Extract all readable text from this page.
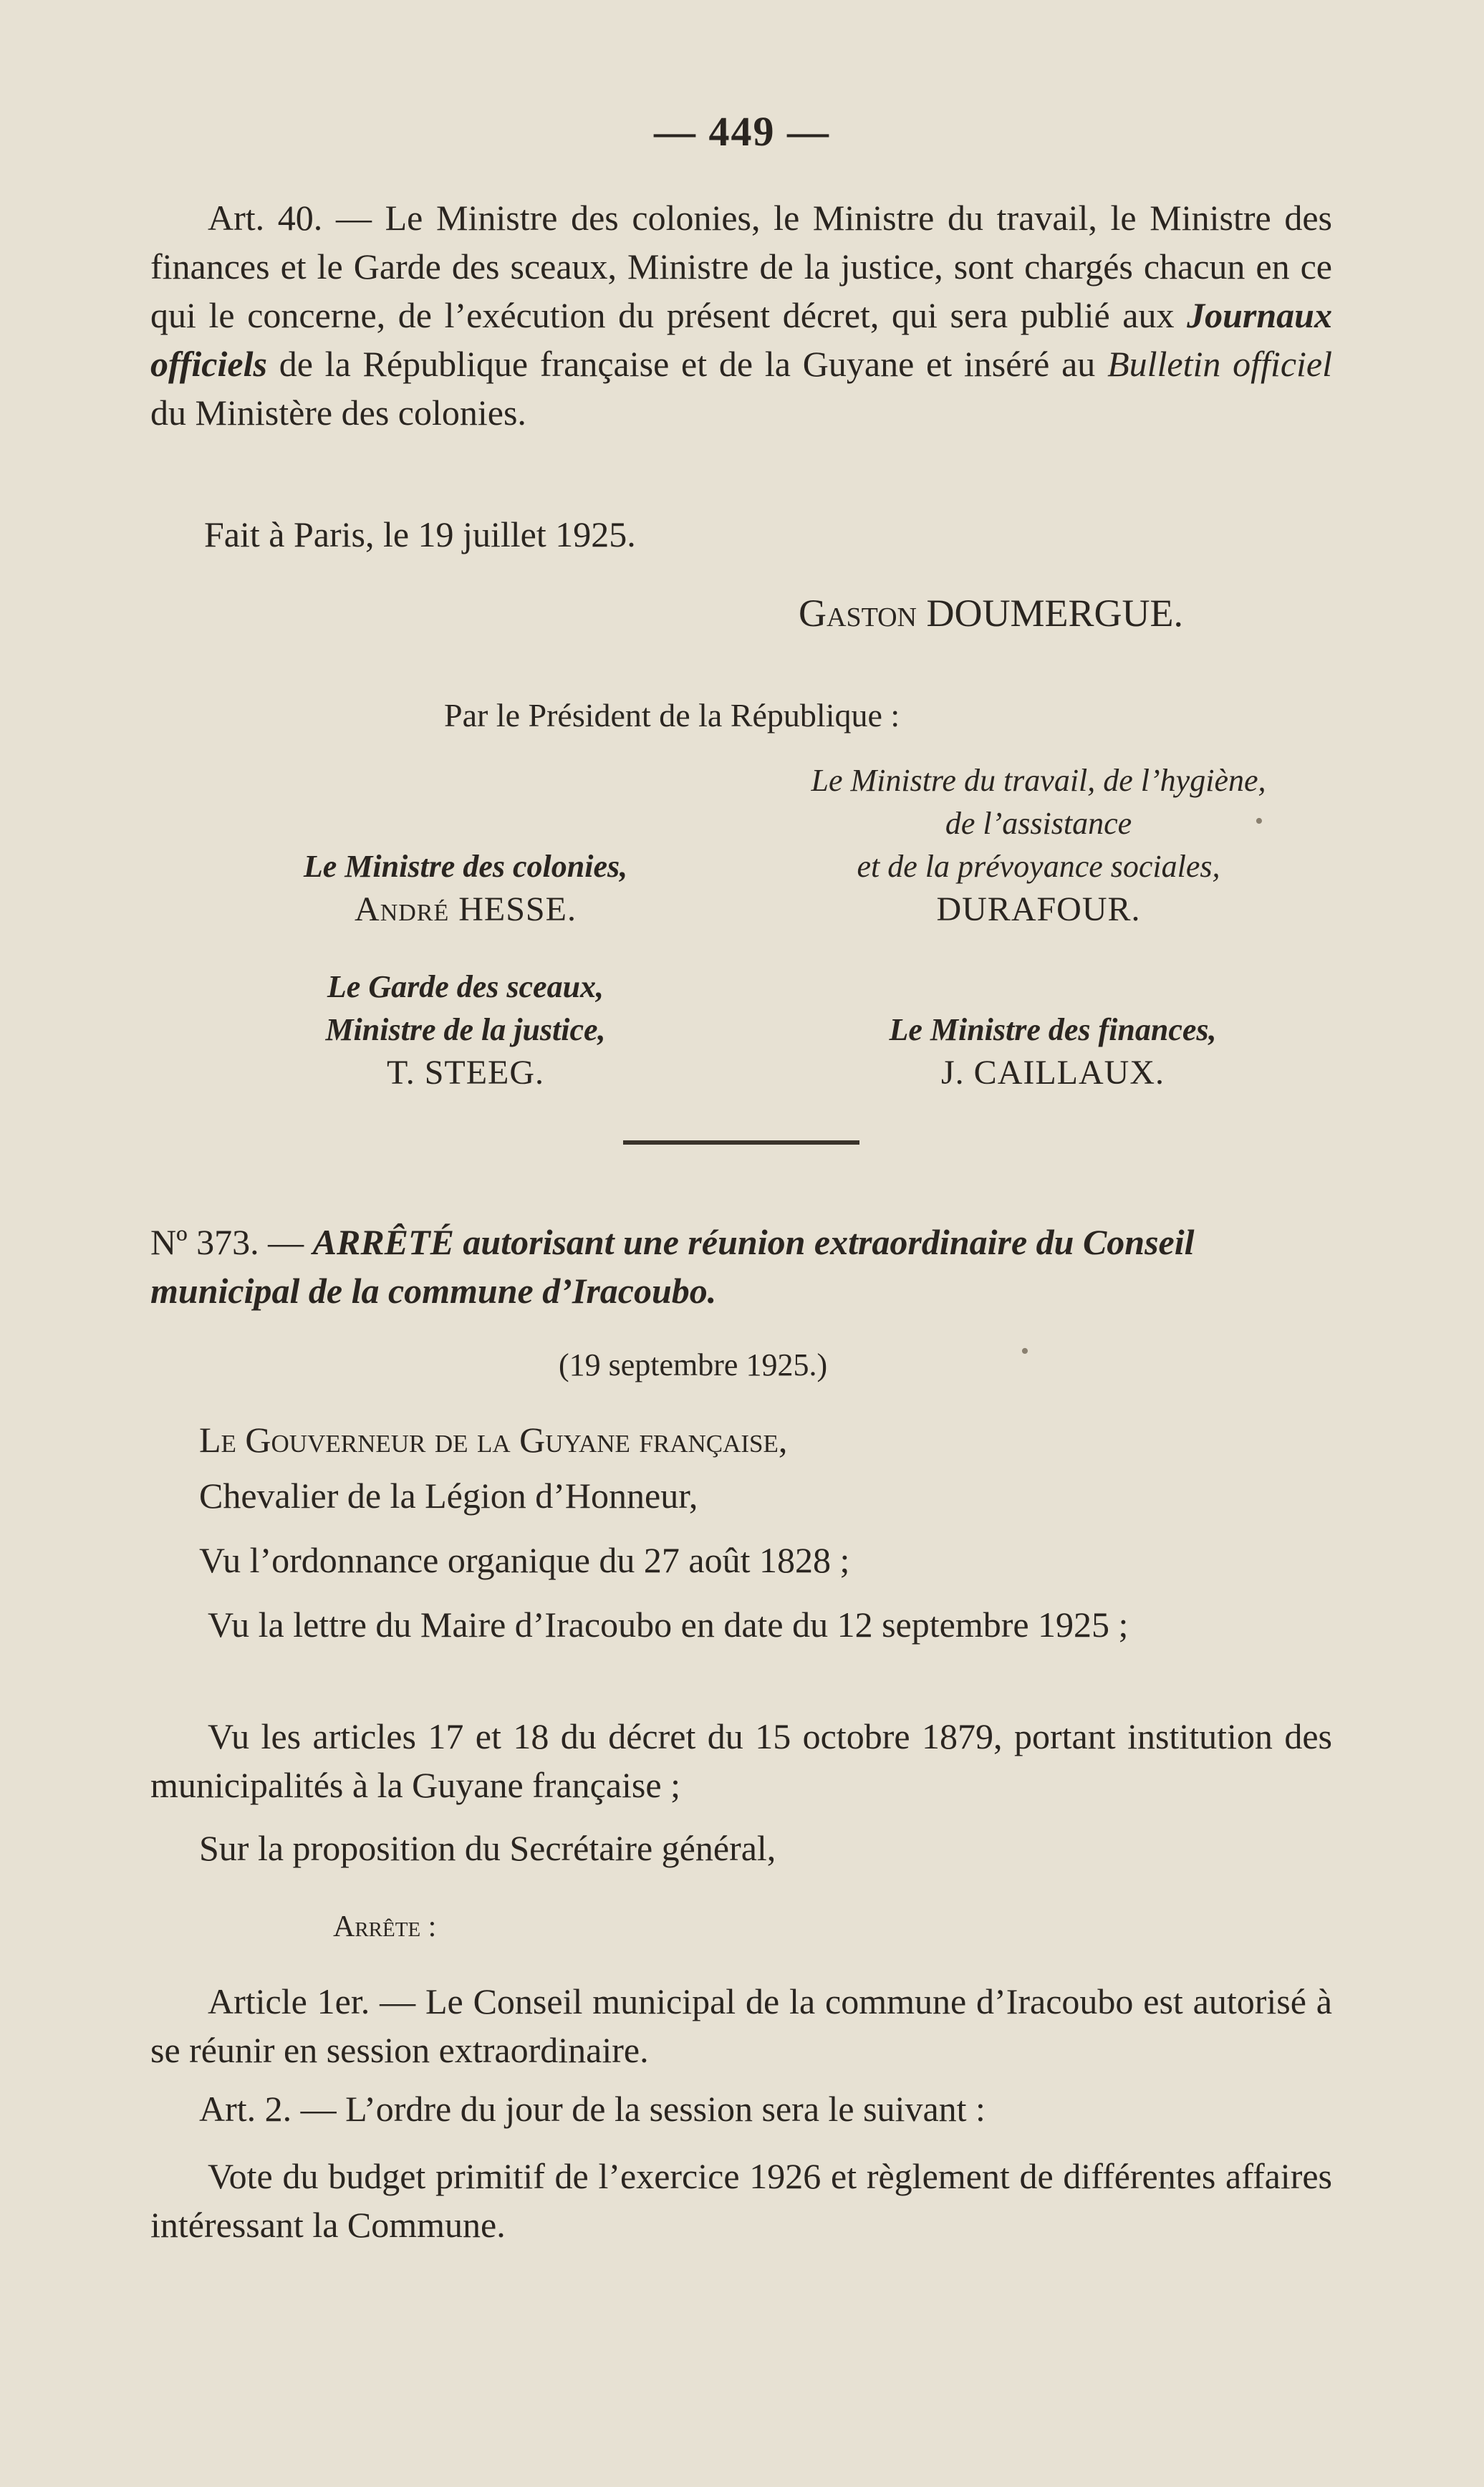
— 449 —
Art. 40. — Le Ministre des colonies, le Ministre du travail, le Ministre des finances et le Garde des sceaux, Ministre de la justice, sont chargés chacun en ce qui le concerne, de l’exécution du présent décret, qui sera publié aux Journaux officiels de la République française et de la Guyane et inséré au Bulletin officiel du Ministère des colonies.
Fait à Paris, le 19 juillet 1925.
Gaston DOUMERGUE.
Par le Président de la République :
Le Ministre du travail, de l’hygiène,
de l’assistance
et de la prévoyance sociales,
DURAFOUR.
Le Ministre des colonies,
André HESSE.
Le Garde des sceaux,
Ministre de la justice,
T. STEEG.
Le Ministre des finances,
J. CAILLAUX.
Nº 373. — ARRÊTÉ autorisant une réunion extraordinaire du Conseil municipal de la commune d’Iracoubo.
(19 septembre 1925.)
Le Gouverneur de la Guyane française,
Chevalier de la Légion d’Honneur,
Vu l’ordonnance organique du 27 août 1828 ;
Vu la lettre du Maire d’Iracoubo en date du 12 septembre 1925 ;
Vu les articles 17 et 18 du décret du 15 octobre 1879, portant institution des municipalités à la Guyane française ;
Sur la proposition du Secrétaire général,
Arrête :
Article 1er. — Le Conseil municipal de la commune d’Iracoubo est autorisé à se réunir en session extraordinaire.
Art. 2. — L’ordre du jour de la session sera le suivant :
Vote du budget primitif de l’exercice 1926 et règlement de différentes affaires intéressant la Commune.
•
•
